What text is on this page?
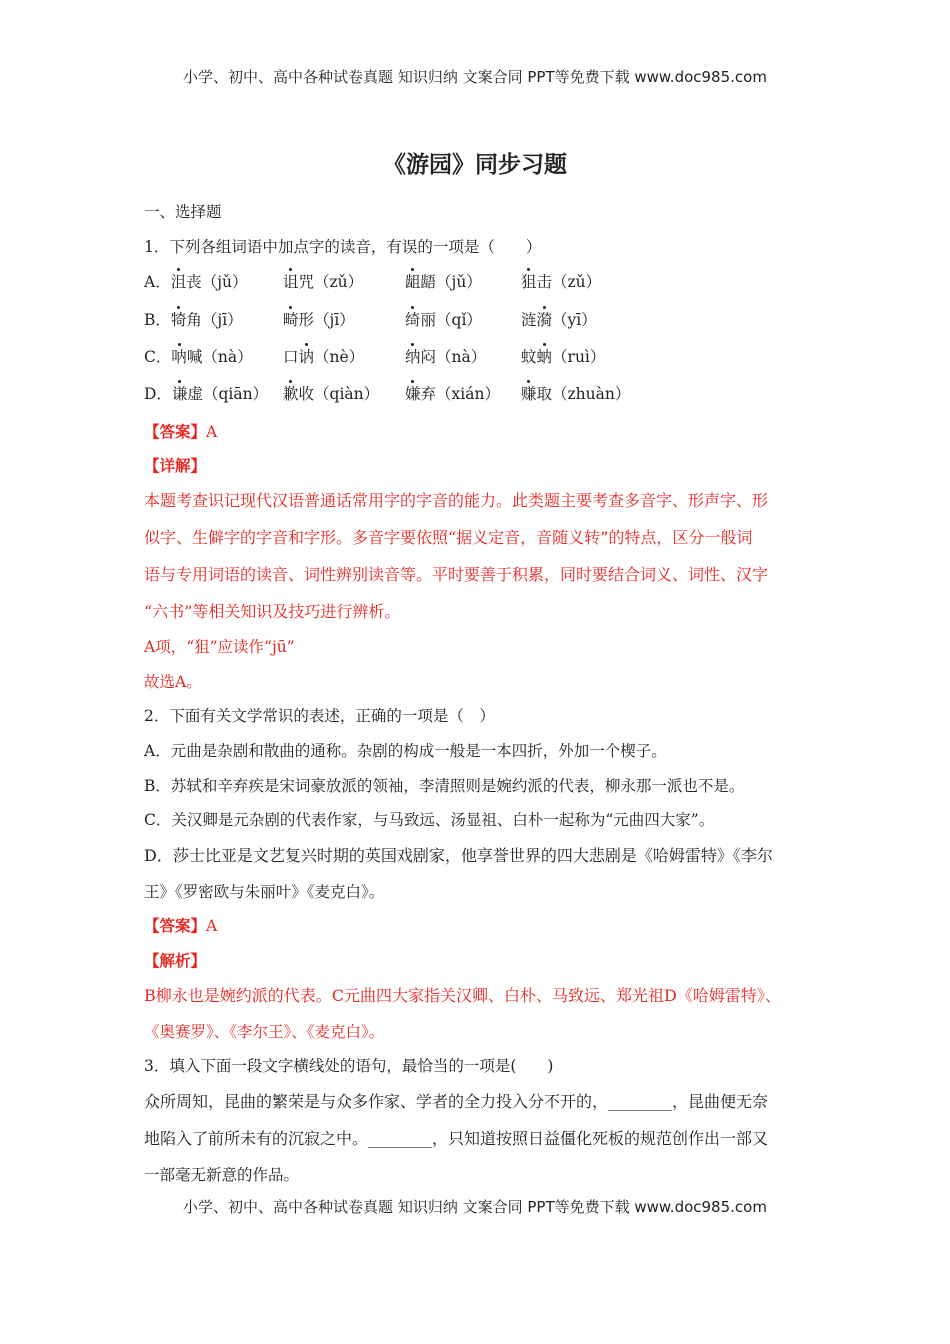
小学、初中、高中各种试卷真题 知识归纳 文案合同 PPT等免费下载 www.doc985.com
《游园》同步习题
一、选择题
1．下列各组词语中加点字的读音，有误的一项是（　　）
A．沮丧（jǔ） 诅咒（zǔ）	龃龉（jǔ）	狙击（zǔ）
B．犄角（jī）	畸形（jī）	绮丽（qǐ）	涟漪（yī）
C．呐喊（nà） 口讷（nè）	纳闷（nà） 蚊蚋（ruì）
D．谦虚（qiān） 歉收（qiàn） 嫌弃（xián） 赚取（zhuàn）
【答案】A
【详解】
本题考查识记现代汉语普通话常用字的字音的能力。此类题主要考查多音字、形声字、形
似字、生僻字的字音和字形。多音字要依照“据义定音，音随义转”的特点，区分一般词
语与专用词语的读音、词性辨别读音等。平时要善于积累，同时要结合词义、词性、汉字
“六书”等相关知识及技巧进行辨析。
A项，“狙”应读作“jū”
故选A。
2．下面有关文学常识的表述，正确的一项是（　）
A．元曲是杂剧和散曲的通称。杂剧的构成一般是一本四折，外加一个楔子。
B．苏轼和辛弃疾是宋词豪放派的领袖，李清照则是婉约派的代表，柳永那一派也不是。
C．关汉卿是元杂剧的代表作家，与马致远、汤显祖、白朴一起称为“元曲四大家”。
D．莎士比亚是文艺复兴时期的英国戏剧家，他享誉世界的四大悲剧是《哈姆雷特》《李尔
王》《罗密欧与朱丽叶》《麦克白》。
【答案】A
【解析】
B柳永也是婉约派的代表。C元曲四大家指关汉卿、白朴、马致远、郑光祖D《哈姆雷特》、
《奥赛罗》、《李尔王》、《麦克白》。
3．填入下面一段文字横线处的语句，最恰当的一项是(　　)
众所周知，昆曲的繁荣是与众多作家、学者的全力投入分不开的，________，昆曲便无奈
地陷入了前所未有的沉寂之中。________，只知道按照日益僵化死板的规范创作出一部又
一部毫无新意的作品。
小学、初中、高中各种试卷真题 知识归纳 文案合同 PPT等免费下载 www.doc985.com
